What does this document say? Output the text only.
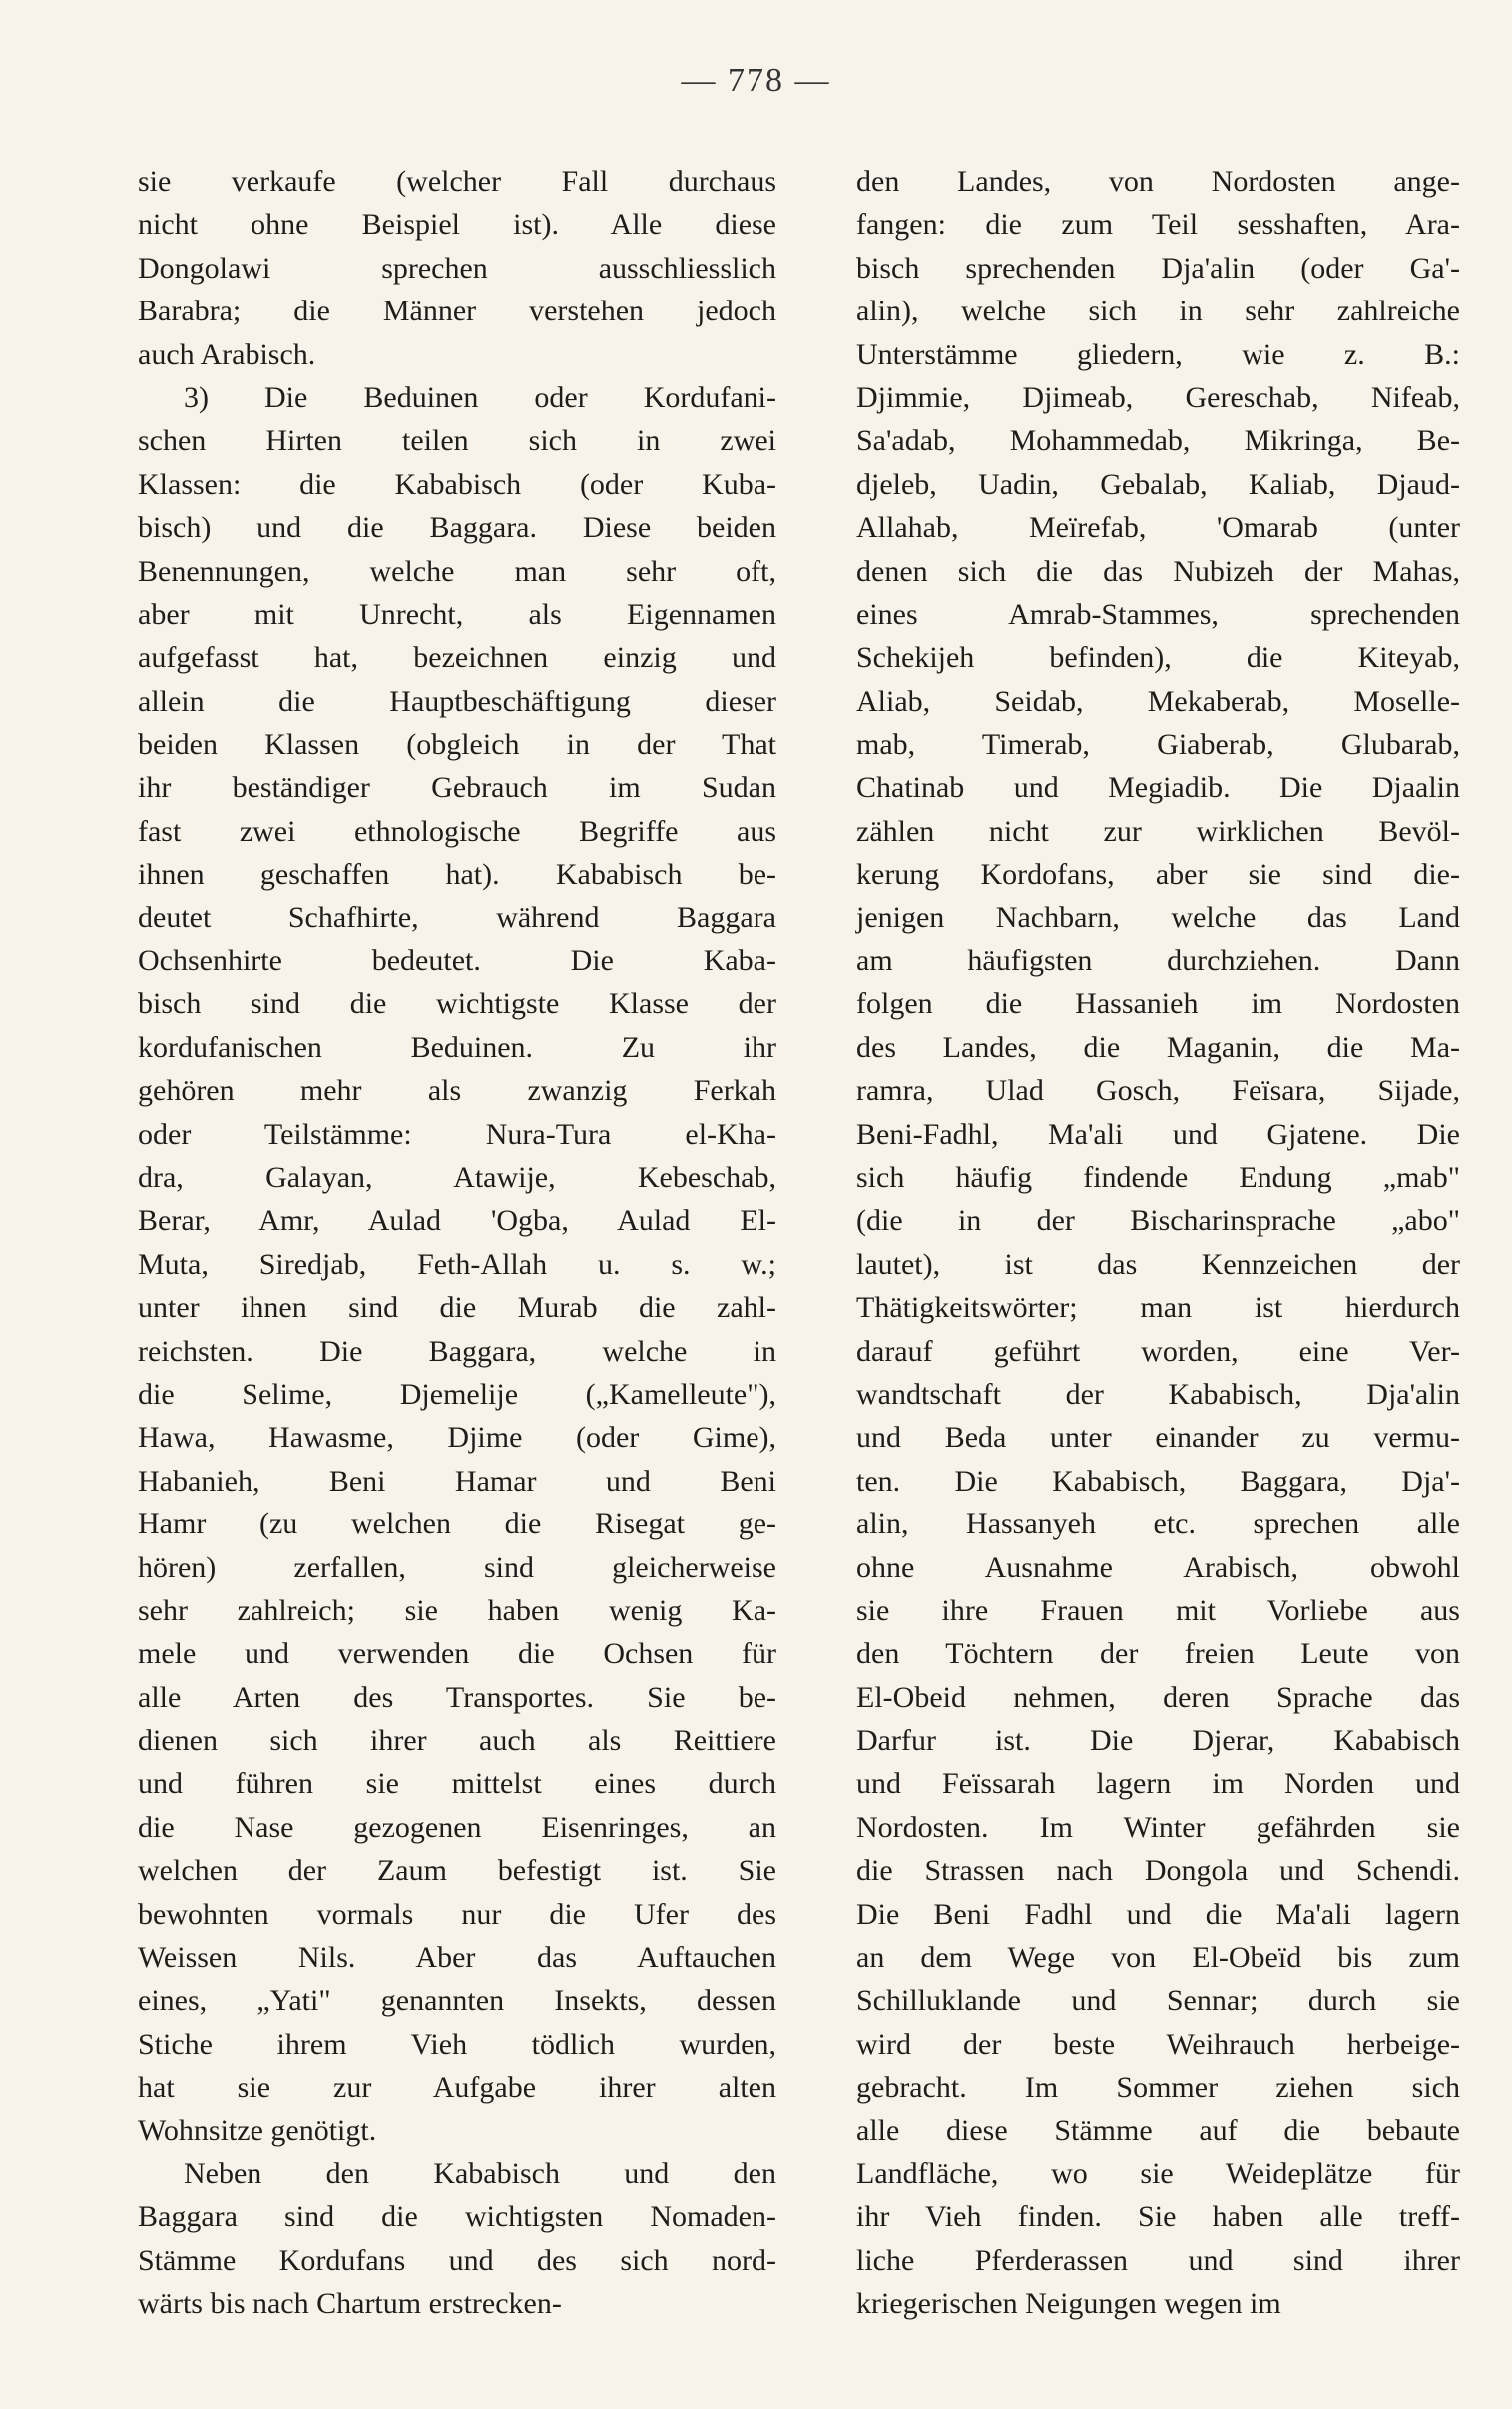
— 778 —
sie verkaufe (welcher Fall durchaus
nicht ohne Beispiel ist). Alle diese
Dongolawi sprechen ausschliesslich
Barabra; die Männer verstehen jedoch
auch Arabisch.
3) Die Beduinen oder Kordufani-
schen Hirten teilen sich in zwei
Klassen: die Kababisch (oder Kuba-
bisch) und die Baggara. Diese beiden
Benennungen, welche man sehr oft,
aber mit Unrecht, als Eigennamen
aufgefasst hat, bezeichnen einzig und
allein die Hauptbeschäftigung dieser
beiden Klassen (obgleich in der That
ihr beständiger Gebrauch im Sudan
fast zwei ethnologische Begriffe aus
ihnen geschaffen hat). Kababisch be-
deutet Schafhirte, während Baggara
Ochsenhirte bedeutet. Die Kaba-
bisch sind die wichtigste Klasse der
kordufanischen Beduinen. Zu ihr
gehören mehr als zwanzig Ferkah
oder Teilstämme: Nura-Tura el-Kha-
dra, Galayan, Atawije, Kebeschab,
Berar, Amr, Aulad 'Ogba, Aulad El-
Muta, Siredjab, Feth-Allah u. s. w.;
unter ihnen sind die Murab die zahl-
reichsten. Die Baggara, welche in
die Selime, Djemelije („Kamelleute"),
Hawa, Hawasme, Djime (oder Gime),
Habanieh, Beni Hamar und Beni
Hamr (zu welchen die Risegat ge-
hören) zerfallen, sind gleicherweise
sehr zahlreich; sie haben wenig Ka-
mele und verwenden die Ochsen für
alle Arten des Transportes. Sie be-
dienen sich ihrer auch als Reittiere
und führen sie mittelst eines durch
die Nase gezogenen Eisenringes, an
welchen der Zaum befestigt ist. Sie
bewohnten vormals nur die Ufer des
Weissen Nils. Aber das Auftauchen
eines, „Yati" genannten Insekts, dessen
Stiche ihrem Vieh tödlich wurden,
hat sie zur Aufgabe ihrer alten
Wohnsitze genötigt.
Neben den Kababisch und den
Baggara sind die wichtigsten Nomaden-
Stämme Kordufans und des sich nord-
wärts bis nach Chartum erstrecken-
den Landes, von Nordosten ange-
fangen: die zum Teil sesshaften, Ara-
bisch sprechenden Dja'alin (oder Ga'-
alin), welche sich in sehr zahlreiche
Unterstämme gliedern, wie z. B.:
Djimmie, Djimeab, Gereschab, Nifeab,
Sa'adab, Mohammedab, Mikringa, Be-
djeleb, Uadin, Gebalab, Kaliab, Djaud-
Allahab, Meïrefab, 'Omarab (unter
denen sich die das Nubizeh der Mahas,
eines Amrab-Stammes, sprechenden
Schekijeh befinden), die Kiteyab,
Aliab, Seidab, Mekaberab, Moselle-
mab, Timerab, Giaberab, Glubarab,
Chatinab und Megiadib. Die Djaalin
zählen nicht zur wirklichen Bevöl-
kerung Kordofans, aber sie sind die-
jenigen Nachbarn, welche das Land
am häufigsten durchziehen. Dann
folgen die Hassanieh im Nordosten
des Landes, die Maganin, die Ma-
ramra, Ulad Gosch, Feïsara, Sijade,
Beni-Fadhl, Ma'ali und Gjatene. Die
sich häufig findende Endung „mab"
(die in der Bischarinsprache „abo"
lautet), ist das Kennzeichen der
Thätigkeitswörter; man ist hierdurch
darauf geführt worden, eine Ver-
wandtschaft der Kababisch, Dja'alin
und Beda unter einander zu vermu-
ten. Die Kababisch, Baggara, Dja'-
alin, Hassanyeh etc. sprechen alle
ohne Ausnahme Arabisch, obwohl
sie ihre Frauen mit Vorliebe aus
den Töchtern der freien Leute von
El-Obeid nehmen, deren Sprache das
Darfur ist. Die Djerar, Kababisch
und Feïssarah lagern im Norden und
Nordosten. Im Winter gefährden sie
die Strassen nach Dongola und Schendi.
Die Beni Fadhl und die Ma'ali lagern
an dem Wege von El-Obeïd bis zum
Schilluklande und Sennar; durch sie
wird der beste Weihrauch herbeige-
gebracht. Im Sommer ziehen sich
alle diese Stämme auf die bebaute
Landfläche, wo sie Weideplätze für
ihr Vieh finden. Sie haben alle treff-
liche Pferderassen und sind ihrer
kriegerischen Neigungen wegen im
